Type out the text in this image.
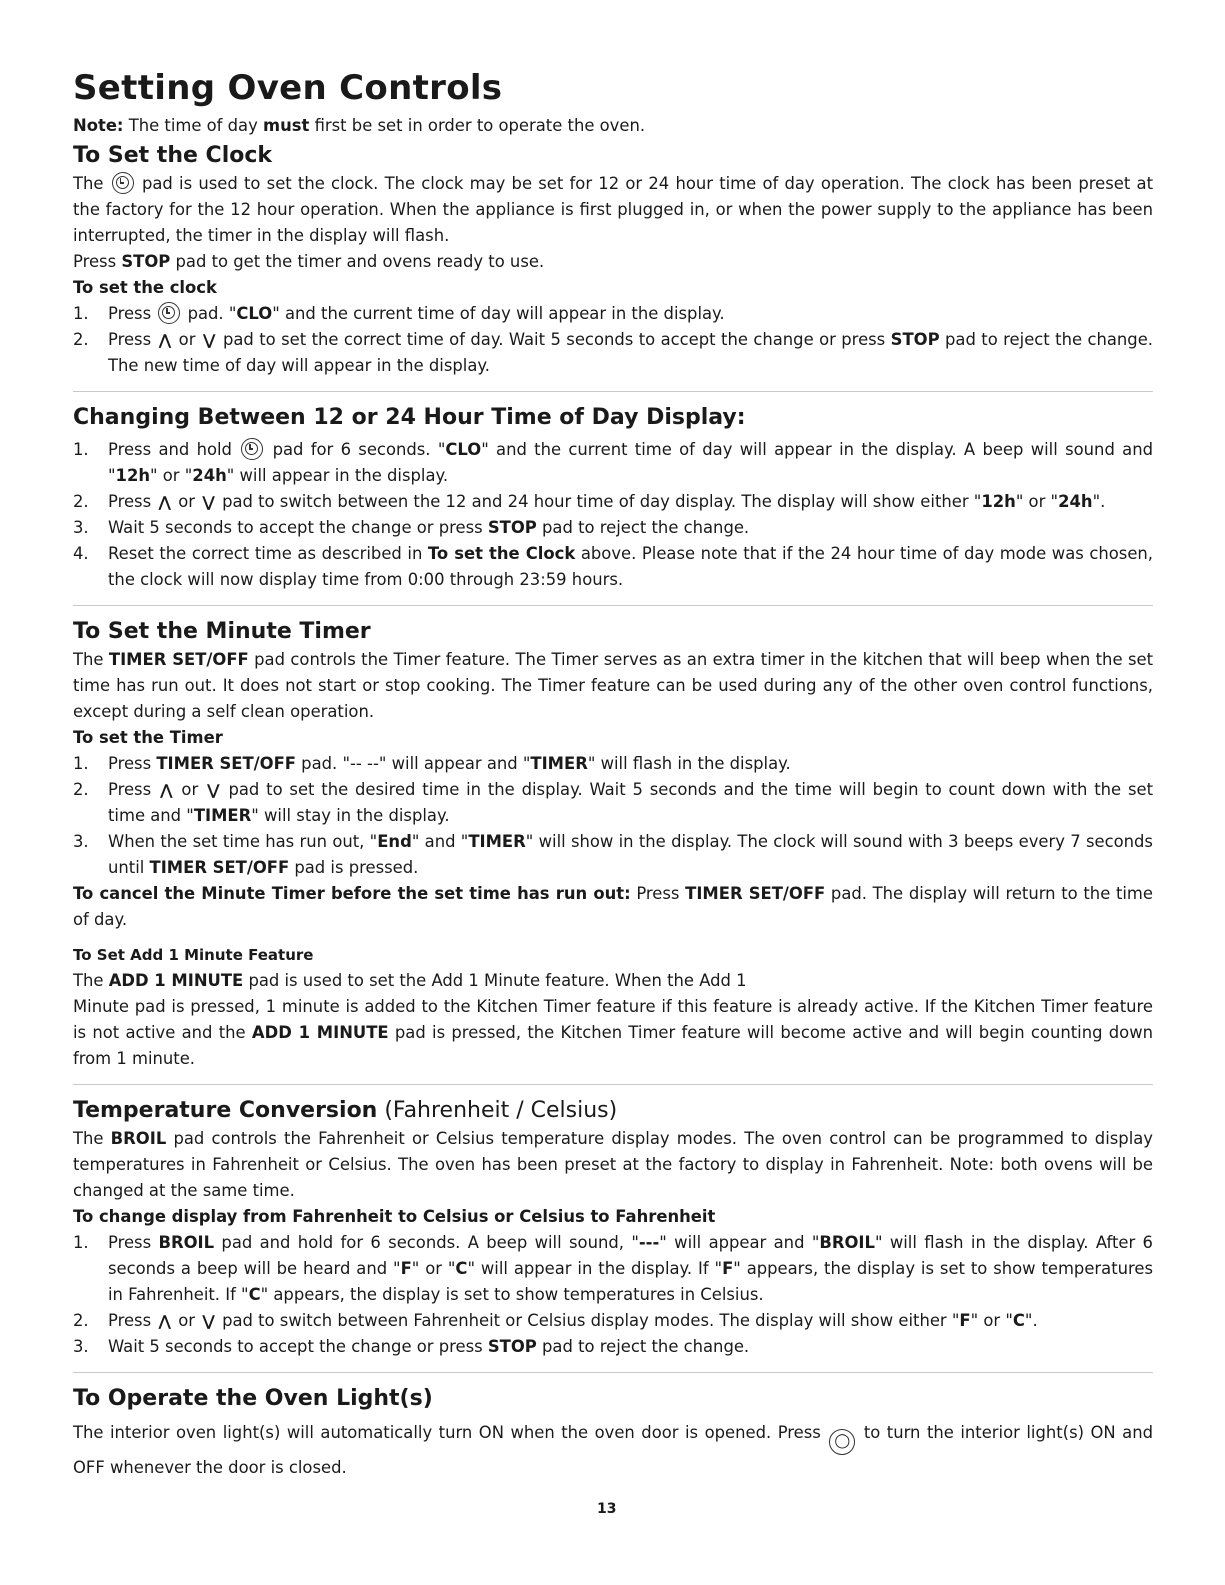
Setting Oven Controls

Note: The time of day must first be set in order to operate the oven.

To Set the Clock

The
pad is used to set the clock. The clock may be set for 12 or 24 hour time of day operation. The clock has been preset at the factory for the 12 hour operation. When the appliance is first plugged in, or when the power supply to the appliance has been interrupted, the timer in the display will flash.

Press STOP pad to get the timer and ovens ready to use.

To set the clock

1. Press
pad. "CLO" and the current time of day will appear in the display.
2. Press ⋀ or ⋁ pad to set the correct time of day. Wait 5 seconds to accept the change or press STOP pad to reject the change. The new time of day will appear in the display.
Changing Between 12 or 24 Hour Time of Day Display:
1. Press and hold
pad for 6 seconds. "CLO" and the current time of day will appear in the display. A beep will sound and "12h" or "24h" will appear in the display.
2. Press ⋀ or ⋁ pad to switch between the 12 and 24 hour time of day display. The display will show either "12h" or "24h".
3. Wait 5 seconds to accept the change or press STOP pad to reject the change.
4. Reset the correct time as described in To set the Clock above. Please note that if the 24 hour time of day mode was chosen, the clock will now display time from 0:00 through 23:59 hours.
To Set the Minute Timer

The TIMER SET/OFF pad controls the Timer feature. The Timer serves as an extra timer in the kitchen that will beep when the set time has run out. It does not start or stop cooking. The Timer feature can be used during any of the other oven control functions, except during a self clean operation.

To set the Timer

1. Press TIMER SET/OFF pad. "-- --" will appear and "TIMER" will flash in the display.
2. Press ⋀ or ⋁ pad to set the desired time in the display. Wait 5 seconds and the time will begin to count down with the set time and "TIMER" will stay in the display.
3. When the set time has run out, "End" and "TIMER" will show in the display. The clock will sound with 3 beeps every 7 seconds until TIMER SET/OFF pad is pressed.

To cancel the Minute Timer before the set time has run out: Press TIMER SET/OFF pad. The display will return to the time of day.

To Set Add 1 Minute Feature

The ADD 1 MINUTE pad is used to set the Add 1 Minute feature. When the Add 1

Minute pad is pressed, 1 minute is added to the Kitchen Timer feature if this feature is already active. If the Kitchen Timer feature is not active and the ADD 1 MINUTE pad is pressed, the Kitchen Timer feature will become active and will begin counting down from 1 minute.

Temperature Conversion (Fahrenheit / Celsius)

The BROIL pad controls the Fahrenheit or Celsius temperature display modes. The oven control can be programmed to display temperatures in Fahrenheit or Celsius. The oven has been preset at the factory to display in Fahrenheit. Note: both ovens will be changed at the same time.

To change display from Fahrenheit to Celsius or Celsius to Fahrenheit

1. Press BROIL pad and hold for 6 seconds. A beep will sound, "---" will appear and "BROIL" will flash in the display. After 6 seconds a beep will be heard and "F" or "C" will appear in the display. If "F" appears, the display is set to show temperatures in Fahrenheit. If "C" appears, the display is set to show temperatures in Celsius.
2. Press ⋀ or ⋁ pad to switch between Fahrenheit or Celsius display modes. The display will show either "F" or "C".
3. Wait 5 seconds to accept the change or press STOP pad to reject the change.
To Operate the Oven Light(s)

The interior oven light(s) will automatically turn ON when the oven door is opened. Press ◯ to turn the interior light(s) ON and OFF whenever the door is closed.

13
